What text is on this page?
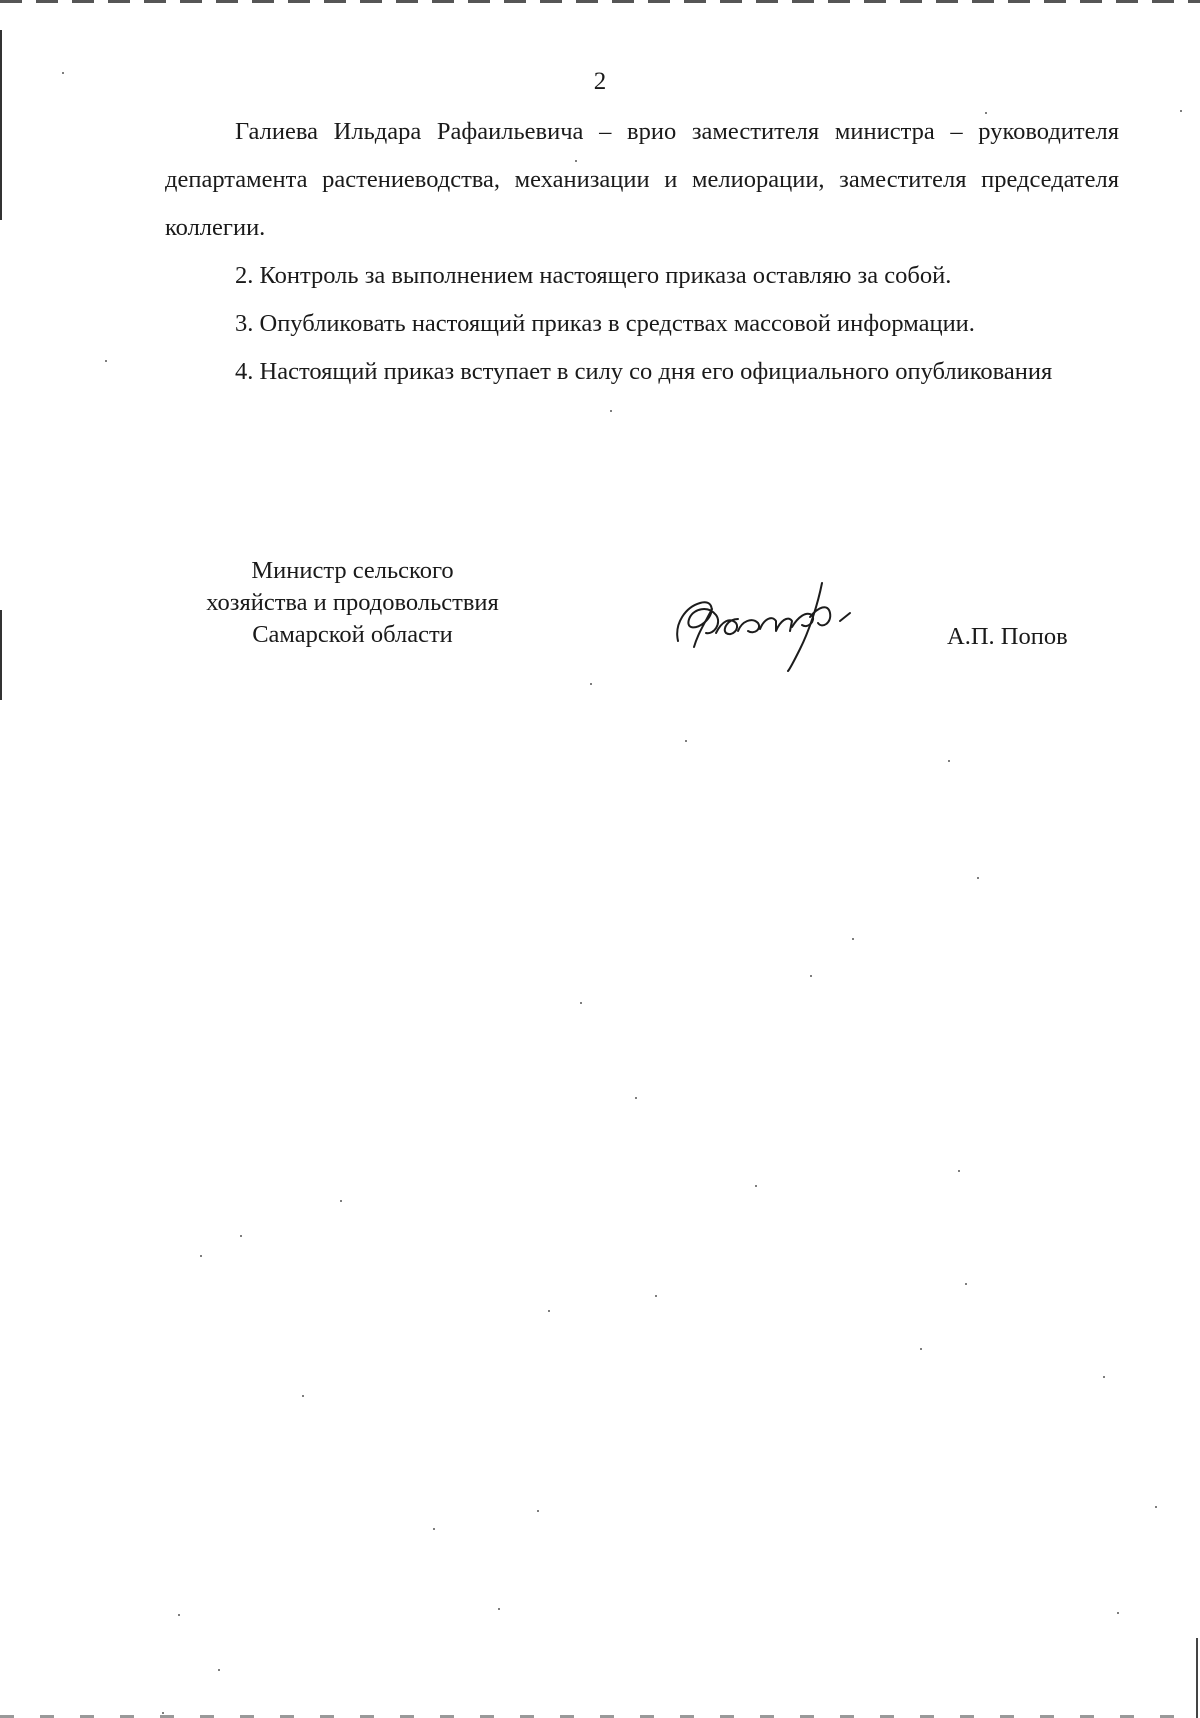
2

Галиева Ильдара Рафаильевича – врио заместителя министра – руководителя департамента растениеводства, механизации и мелиорации, заместителя председателя коллегии.

2. Контроль за выполнением настоящего приказа оставляю за собой.

3. Опубликовать настоящий приказ в средствах массовой информации.

4. Настоящий приказ вступает в силу со дня его официального опубликования

Министр сельского
хозяйства и продовольствия
Самарской области	А.П. Попов
